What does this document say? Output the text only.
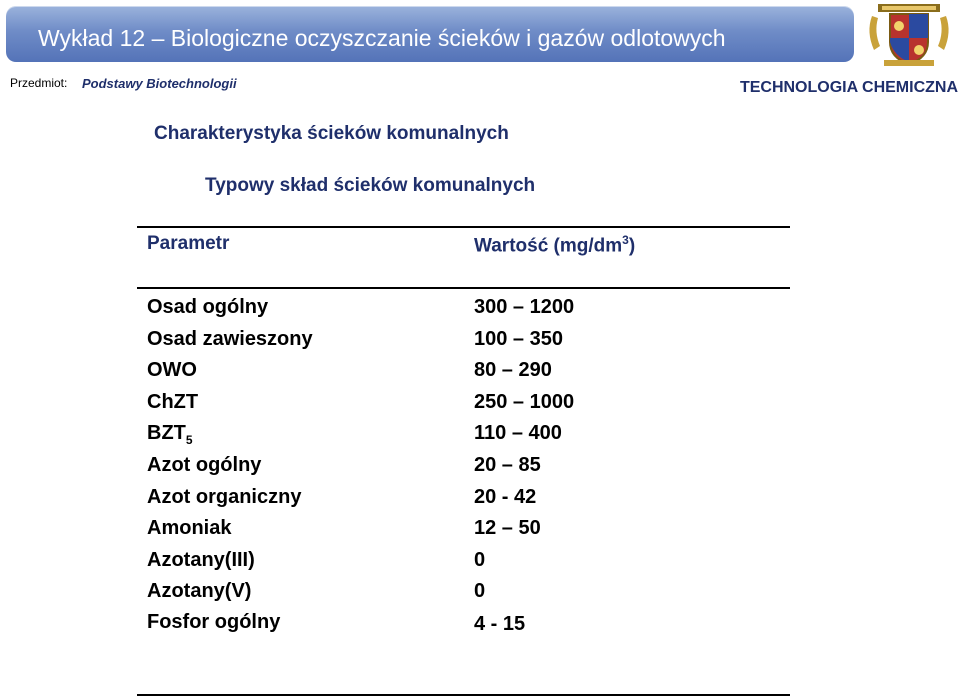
Wykład 12 – Biologiczne oczyszczanie ścieków i gazów odlotowych
Przedmiot: Podstawy Biotechnologii	TECHNOLOGIA CHEMICZNA
Charakterystyka ścieków komunalnych
Typowy skład ścieków komunalnych
Parametr	Wartość $(mg/dm^3)$
Osad ogólny	300 – 1200
Osad zawieszony	100 – 350
OWO	80 – 290
ChZT	250 – 1000
$BZT_5$	110 – 400
Azot ogólny	20 – 85
Azot organiczny	20 - 42
Amoniak	12 – 50
Azotany(III)	0
Azotany(V)	0
Fosfor ogólny	4 - 15
